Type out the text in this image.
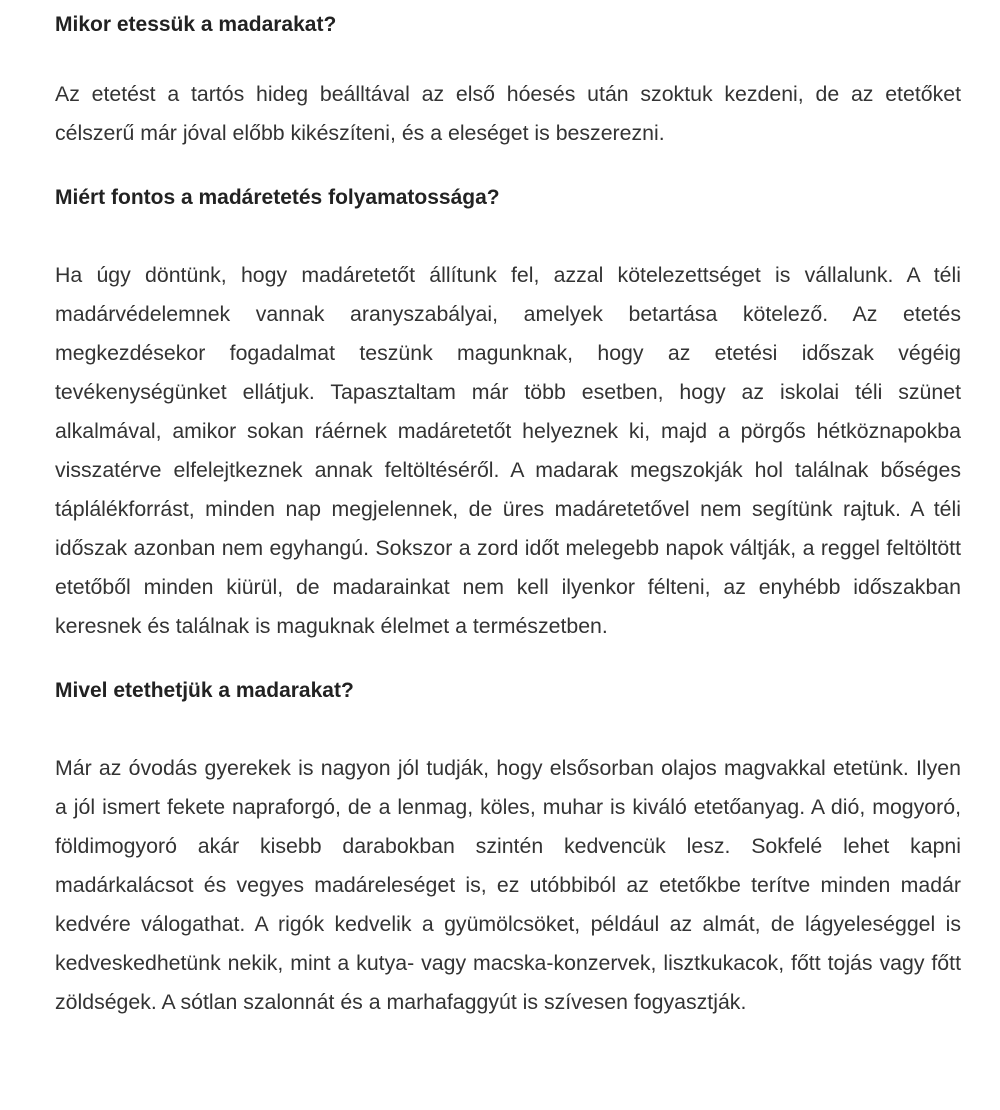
Mikor etessük a madarakat?

Az etetést a tartós hideg beálltával az első hóesés után szoktuk kezdeni, de az etetőket célszerű már jóval előbb kikészíteni, és a eleséget is beszerezni.

Miért fontos a madáretetés folyamatossága?

Ha úgy döntünk, hogy madáretetőt állítunk fel, azzal kötelezettséget is vállalunk. A téli madárvédelemnek vannak aranyszabályai, amelyek betartása kötelező. Az etetés megkezdésekor fogadalmat teszünk magunknak, hogy az etetési időszak végéig tevékenységünket ellátjuk. Tapasztaltam már több esetben, hogy az iskolai téli szünet alkalmával, amikor sokan ráérnek madáretetőt helyeznek ki, majd a pörgős hétköznapokba visszatérve elfelejtkeznek annak feltöltéséről. A madarak megszokják hol találnak bőséges táplálékforrást, minden nap megjelennek, de üres madáretetővel nem segítünk rajtuk. A téli időszak azonban nem egyhangú. Sokszor a zord időt melegebb napok váltják, a reggel feltöltött etetőből minden kiürül, de madarainkat nem kell ilyenkor félteni, az enyhébb időszakban keresnek és találnak is maguknak élelmet a természetben.

Mivel etethetjük a madarakat?

Már az óvodás gyerekek is nagyon jól tudják, hogy elsősorban olajos magvakkal etetünk. Ilyen a jól ismert fekete napraforgó, de a lenmag, köles, muhar is kiváló etetőanyag. A dió, mogyoró, földimogyoró akár kisebb darabokban szintén kedvencük lesz. Sokfelé lehet kapni madárkalácsot és vegyes madáreleséget is, ez utóbbiból az etetőkbe terítve minden madár kedvére válogathat. A rigók kedvelik a gyümölcsöket, például az almát, de lágyeleséggel is kedveskedhetünk nekik, mint a kutya- vagy macska-konzervek, lisztkukacok, főtt tojás vagy főtt zöldségek. A sótlan szalonnát és a marhafaggyút is szívesen fogyasztják.
